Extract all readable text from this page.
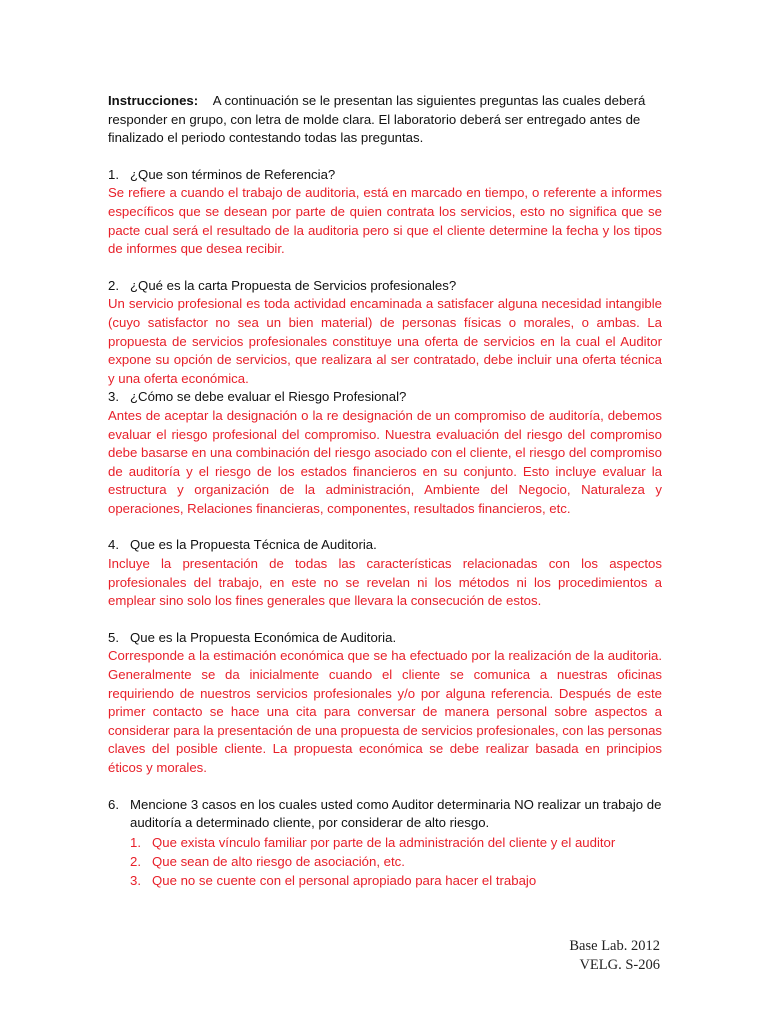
Instrucciones: A continuación se le presentan las siguientes preguntas las cuales deberá responder en grupo, con letra de molde clara. El laboratorio deberá ser entregado antes de finalizado el periodo contestando todas las preguntas.

1. ¿Que son términos de Referencia?

Se refiere a cuando el trabajo de auditoria, está en marcado en tiempo, o referente a informes específicos que se desean por parte de quien contrata los servicios, esto no significa que se pacte cual será el resultado de la auditoria pero si que el cliente determine la fecha y los tipos de informes que desea recibir.

2. ¿Qué es la carta Propuesta de Servicios profesionales?

Un servicio profesional es toda actividad encaminada a satisfacer alguna necesidad intangible (cuyo satisfactor no sea un bien material) de personas físicas o morales, o ambas. La propuesta de servicios profesionales constituye una oferta de servicios en la cual el Auditor expone su opción de servicios, que realizara al ser contratado, debe incluir una oferta técnica y una oferta económica.

3. ¿Cómo se debe evaluar el Riesgo Profesional?

Antes de aceptar la designación o la re designación de un compromiso de auditoría, debemos evaluar el riesgo profesional del compromiso. Nuestra evaluación del riesgo del compromiso debe basarse en una combinación del riesgo asociado con el cliente, el riesgo del compromiso de auditoría y el riesgo de los estados financieros en su conjunto. Esto incluye evaluar la estructura y organización de la administración, Ambiente del Negocio, Naturaleza y operaciones, Relaciones financieras, componentes, resultados financieros, etc.

4. Que es la Propuesta Técnica de Auditoria.

Incluye la presentación de todas las características relacionadas con los aspectos profesionales del trabajo, en este no se revelan ni los métodos ni los procedimientos a emplear sino solo los fines generales que llevara la consecución de estos.

5. Que es la Propuesta Económica de Auditoria.

Corresponde a la estimación económica que se ha efectuado por la realización de la auditoria. Generalmente se da inicialmente cuando el cliente se comunica a nuestras oficinas requiriendo de nuestros servicios profesionales y/o por alguna referencia. Después de este primer contacto se hace una cita para conversar de manera personal sobre aspectos a considerar para la presentación de una propuesta de servicios profesionales, con las personas claves del posible cliente. La propuesta económica se debe realizar basada en principios éticos y morales.

6. Mencione 3 casos en los cuales usted como Auditor determinaria NO realizar un trabajo de auditoría a determinado cliente, por considerar de alto riesgo.
1. Que exista vínculo familiar por parte de la administración del cliente y el auditor
2. Que sean de alto riesgo de asociación, etc.
3. Que no se cuente con el personal apropiado para hacer el trabajo
Base Lab. 2012
VELG. S-206
